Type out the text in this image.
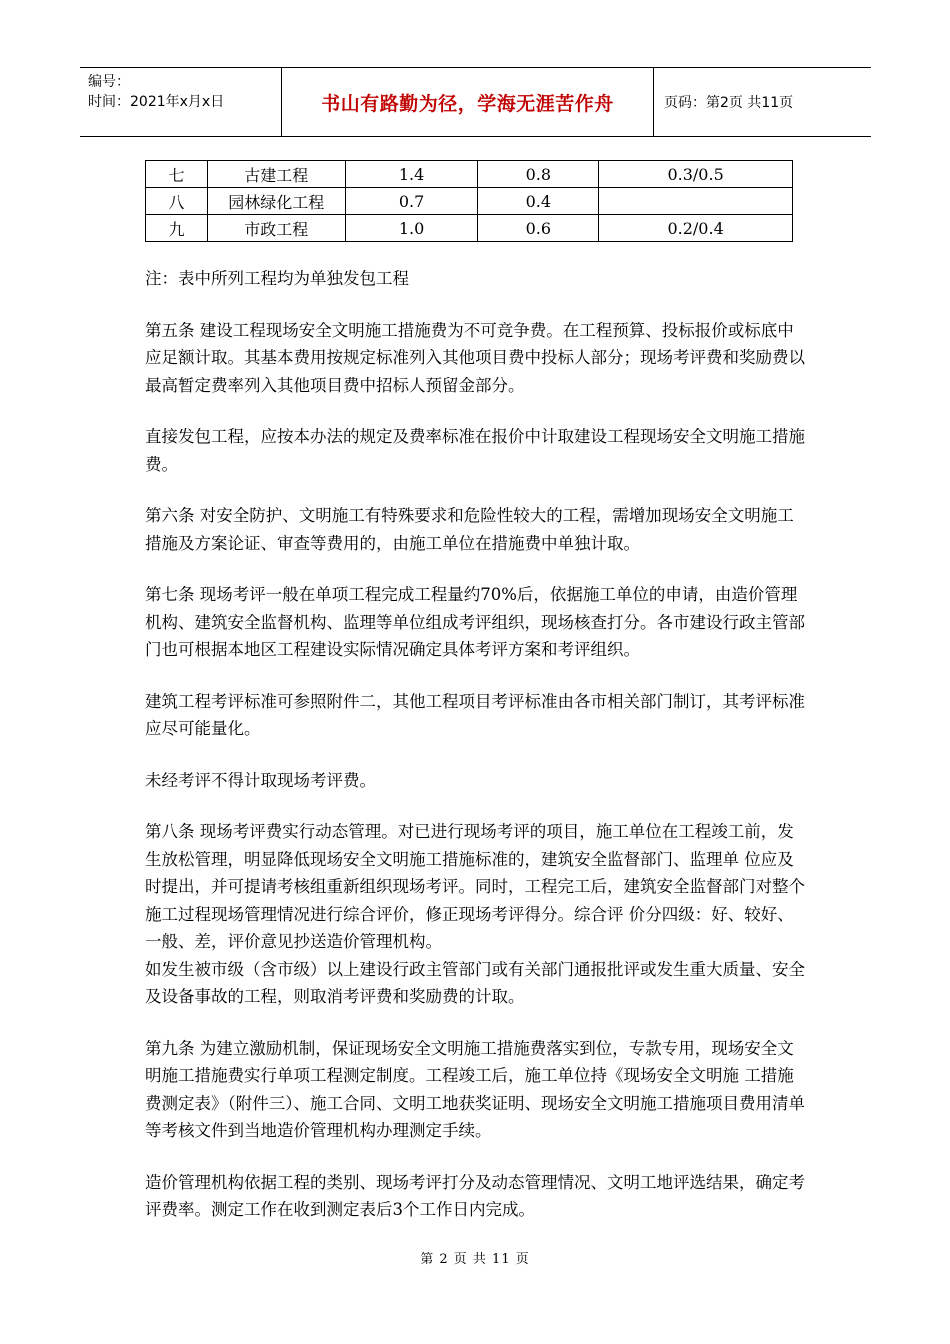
编号：
时间：2021年x月x日	书山有路勤为径，学海无涯苦作舟	页码：第2页 共11页
七	古建工程	1.4	0.8	0.3/0.5
八	园林绿化工程	0.7	0.4	
九	市政工程	1.0	0.6	0.2/0.4

注：表中所列工程均为单独发包工程

第五条 建设工程现场安全文明施工措施费为不可竞争费。在工程预算、投标报价或标底中应足额计取。其基本费用按规定标准列入其他项目费中投标人部分；现场考评费和奖励费以最高暂定费率列入其他项目费中招标人预留金部分。

直接发包工程，应按本办法的规定及费率标准在报价中计取建设工程现场安全文明施工措施费。

第六条 对安全防护、文明施工有特殊要求和危险性较大的工程，需增加现场安全文明施工措施及方案论证、审查等费用的，由施工单位在措施费中单独计取。

第七条 现场考评一般在单项工程完成工程量约70%后，依据施工单位的申请，由造价管理机构、建筑安全监督机构、监理等单位组成考评组织，现场核查打分。各市建设行政主管部门也可根据本地区工程建设实际情况确定具体考评方案和考评组织。

建筑工程考评标准可参照附件二，其他工程项目考评标准由各市相关部门制订，其考评标准应尽可能量化。

未经考评不得计取现场考评费。

第八条 现场考评费实行动态管理。对已进行现场考评的项目，施工单位在工程竣工前，发生放松管理，明显降低现场安全文明施工措施标准的，建筑安全监督部门、监理单 位应及时提出，并可提请考核组重新组织现场考评。同时，工程完工后，建筑安全监督部门对整个施工过程现场管理情况进行综合评价，修正现场考评得分。综合评 价分四级：好、较好、一般、差，评价意见抄送造价管理机构。

如发生被市级（含市级）以上建设行政主管部门或有关部门通报批评或发生重大质量、安全及设备事故的工程，则取消考评费和奖励费的计取。

第九条 为建立激励机制，保证现场安全文明施工措施费落实到位，专款专用，现场安全文明施工措施费实行单项工程测定制度。工程竣工后，施工单位持《现场安全文明施 工措施费测定表》（附件三）、施工合同、文明工地获奖证明、现场安全文明施工措施项目费用清单等考核文件到当地造价管理机构办理测定手续。

造价管理机构依据工程的类别、现场考评打分及动态管理情况、文明工地评选结果，确定考评费率。测定工作在收到测定表后3个工作日内完成。

第 2 页 共 11 页
